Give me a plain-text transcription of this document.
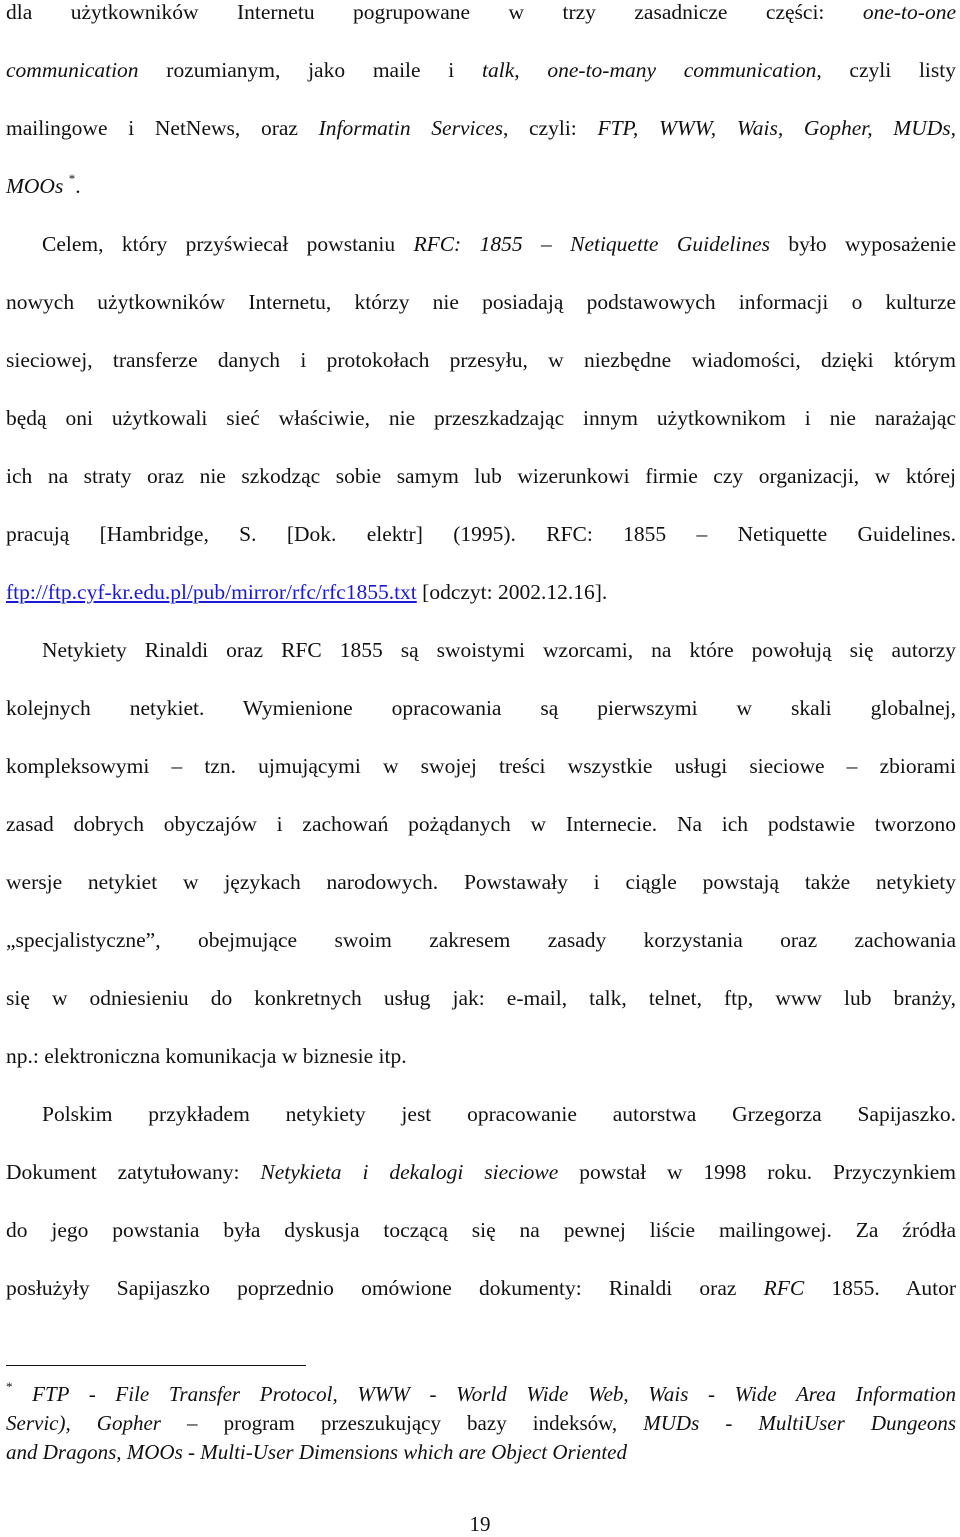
dla użytkowników Internetu pogrupowane w trzy zasadnicze części: one-to-one
communication rozumianym, jako maile i talk, one-to-many communication, czyli listy
mailingowe i NetNews, oraz Informatin Services, czyli: FTP, WWW, Wais, Gopher, MUDs,
MOOs *.
Celem, który przyświecał powstaniu RFC: 1855 – Netiquette Guidelines było wyposażenie
nowych użytkowników Internetu, którzy nie posiadają podstawowych informacji o kulturze
sieciowej, transferze danych i protokołach przesyłu, w niezbędne wiadomości, dzięki którym
będą oni użytkowali sieć właściwie, nie przeszkadzając innym użytkownikom i nie narażając
ich na straty oraz nie szkodząc sobie samym lub wizerunkowi firmie czy organizacji, w której
pracują [Hambridge, S. [Dok. elektr] (1995). RFC: 1855 – Netiquette Guidelines.
ftp://ftp.cyf-kr.edu.pl/pub/mirror/rfc/rfc1855.txt [odczyt: 2002.12.16].
Netykiety Rinaldi oraz RFC 1855 są swoistymi wzorcami, na które powołują się autorzy
kolejnych netykiet. Wymienione opracowania są pierwszymi w skali globalnej,
kompleksowymi – tzn. ujmującymi w swojej treści wszystkie usługi sieciowe – zbiorami
zasad dobrych obyczajów i zachowań pożądanych w Internecie. Na ich podstawie tworzono
wersje netykiet w językach narodowych. Powstawały i ciągle powstają także netykiety
„specjalistyczne”, obejmujące swoim zakresem zasady korzystania oraz zachowania
się w odniesieniu do konkretnych usług jak: e-mail, talk, telnet, ftp, www lub branży,
np.: elektroniczna komunikacja w biznesie itp.
Polskim przykładem netykiety jest opracowanie autorstwa Grzegorza Sapijaszko.
Dokument zatytułowany: Netykieta i dekalogi sieciowe powstał w 1998 roku. Przyczynkiem
do jego powstania była dyskusja toczącą się na pewnej liście mailingowej. Za źródła
posłużyły Sapijaszko poprzednio omówione dokumenty: Rinaldi oraz RFC 1855. Autor
* FTP - File Transfer Protocol, WWW - World Wide Web, Wais - Wide Area Information
Servic), Gopher – program przeszukujący bazy indeksów, MUDs - MultiUser Dungeons
and Dragons, MOOs - Multi-User Dimensions which are Object Oriented
19
